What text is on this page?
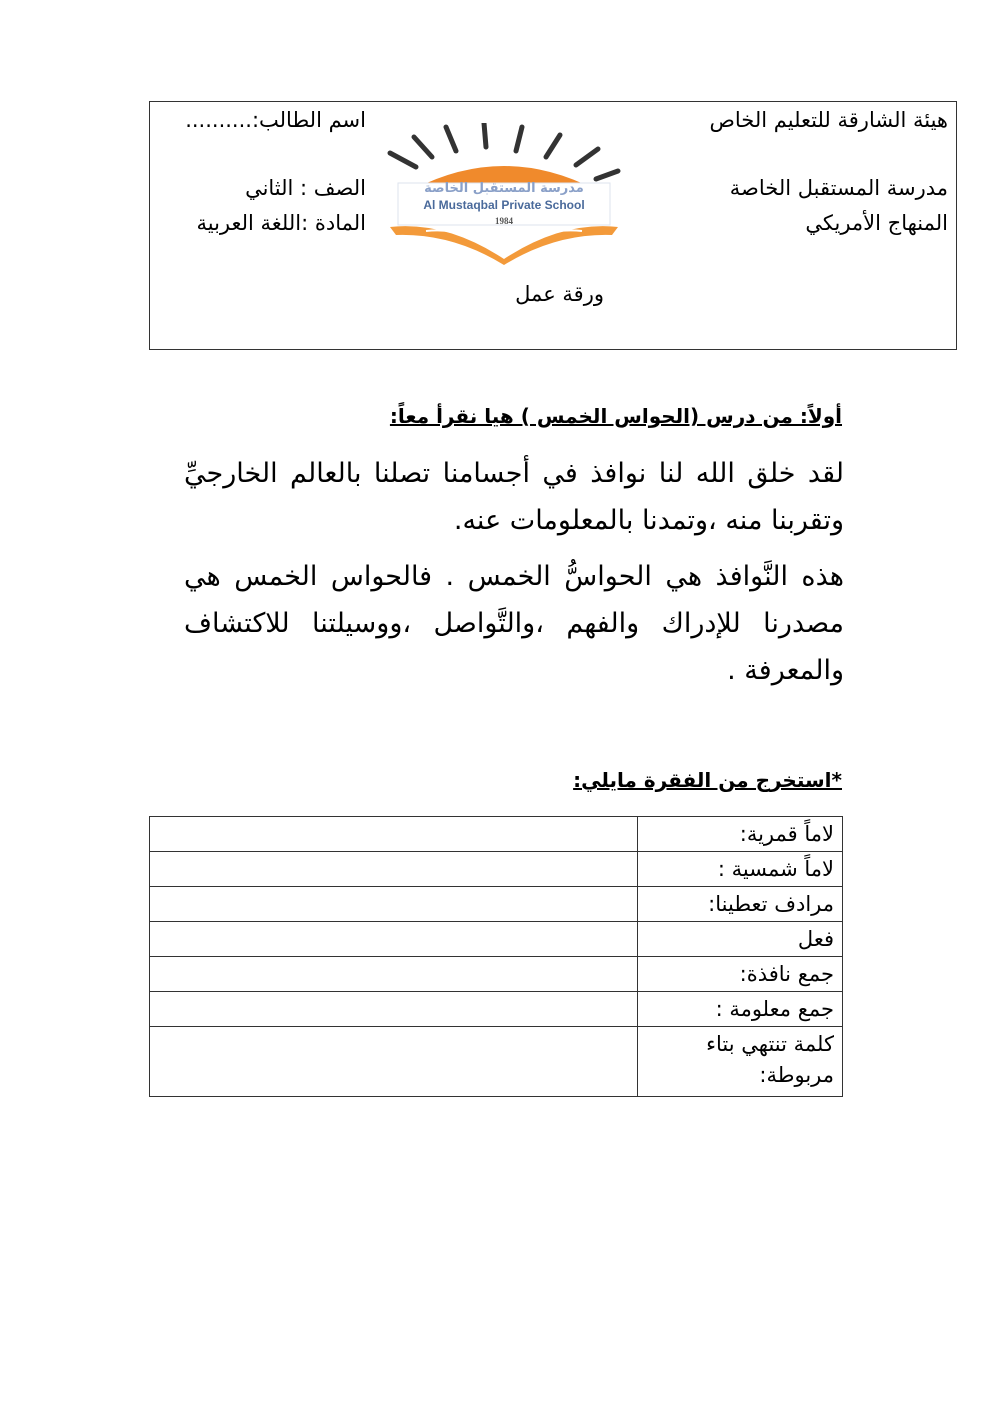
هيئة الشارقة للتعليم الخاص
مدرسة المستقبل الخاصة
المنهاج الأمريكي
اسم الطالب:..........
الصف : الثاني
المادة :اللغة العربية
ورقة عمل
مدرسة المستقبل الخاصة
Al Mustaqbal Private School
1984
أولاً: من درس (الحواس الخمس ) هيا نقرأ معاً:
لقد خلق الله لنا نوافذ في أجسامنا تصلنا بالعالم الخارجيِّ وتقربنا منه ،وتمدنا بالمعلومات عنه.
هذه النَّوافذ هي الحواسُّ الخمس . فالحواس الخمس هي مصدرنا للإدراك والفهم ،والتَّواصل ،ووسيلتنا للاكتشاف والمعرفة .
*استخرج من الفقرة مايلي:
لاماً قمرية:	
لاماً شمسية :	
مرادف تعطينا:	
فعل	
جمع نافذة:	
جمع معلومة :	
كلمة تنتهي بتاء مربوطة:	
